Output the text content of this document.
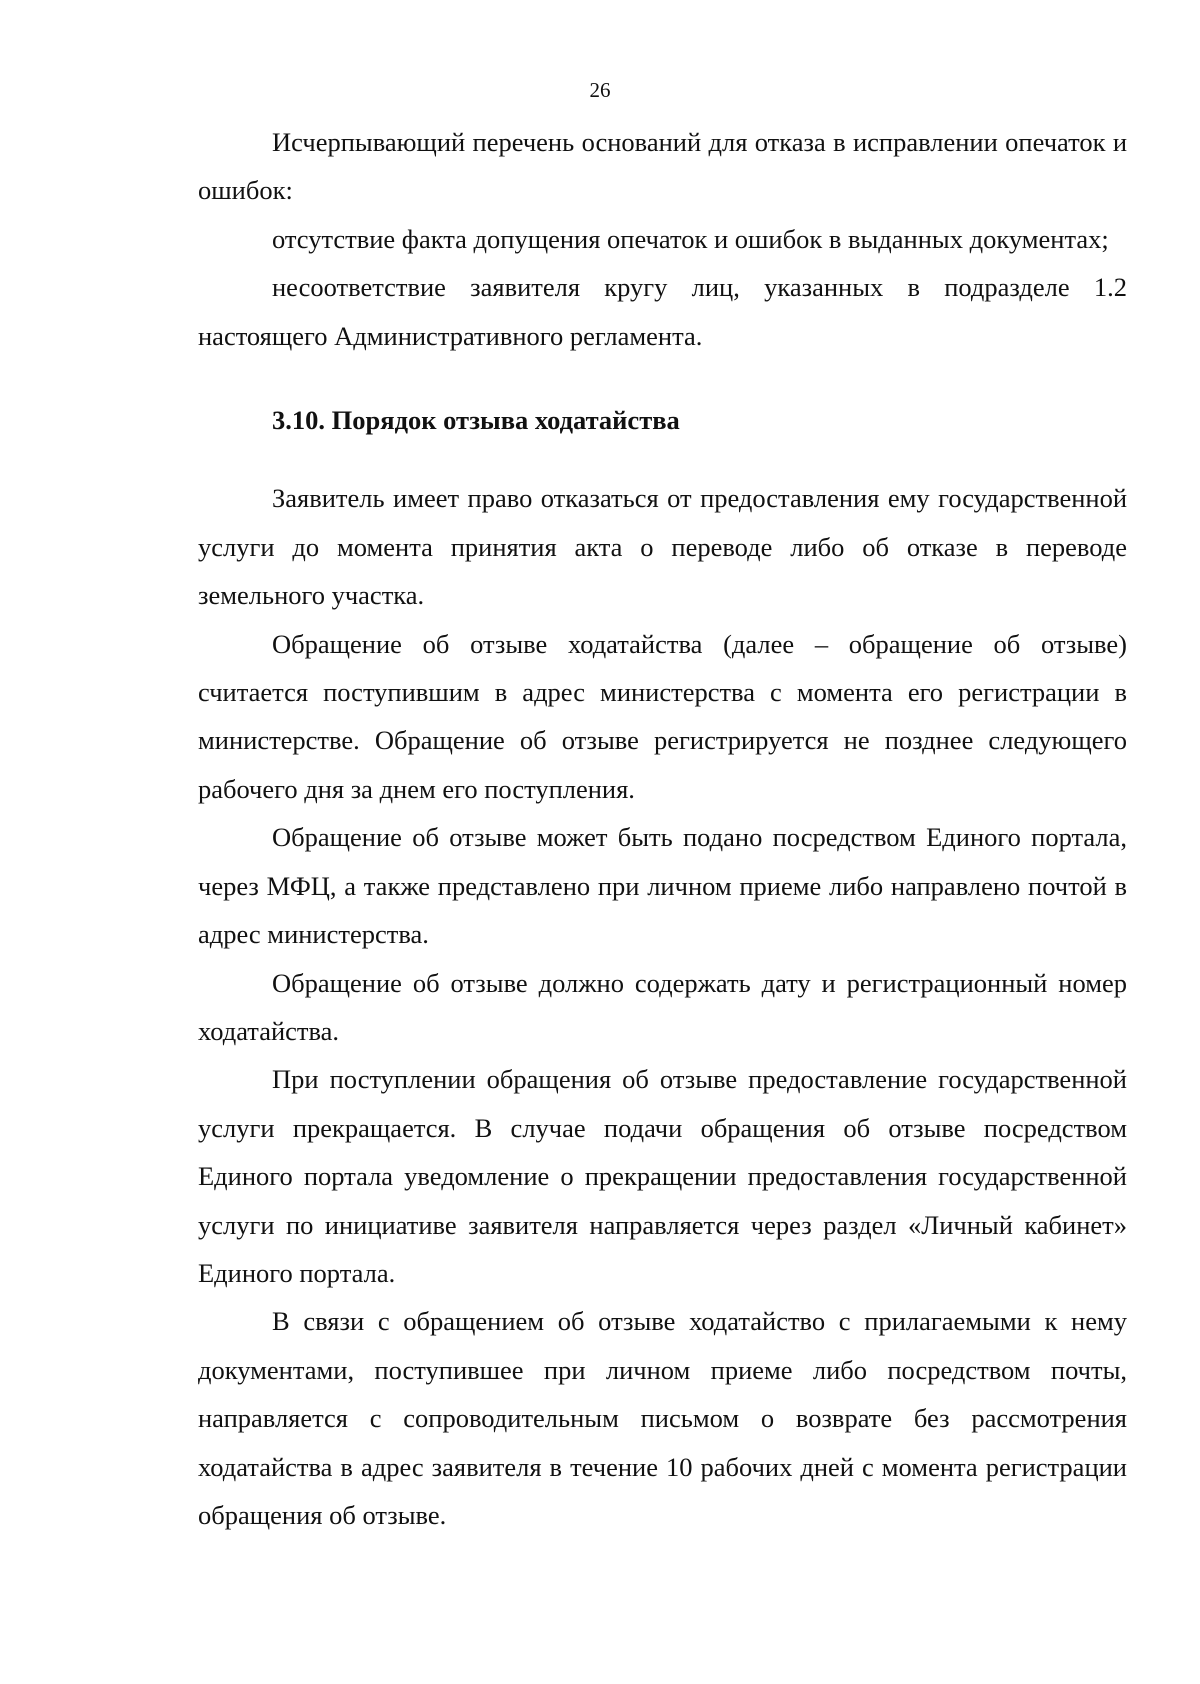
26

Исчерпывающий перечень оснований для отказа в исправлении опечаток и ошибок:

отсутствие факта допущения опечаток и ошибок в выданных документах;

несоответствие заявителя кругу лиц, указанных в подразделе 1.2 настоящего Административного регламента.

3.10. Порядок отзыва ходатайства

Заявитель имеет право отказаться от предоставления ему государственной услуги до момента принятия акта о переводе либо об отказе в переводе земельного участка.

Обращение об отзыве ходатайства (далее – обращение об отзыве) считается поступившим в адрес министерства с момента его регистрации в министерстве. Обращение об отзыве регистрируется не позднее следующего рабочего дня за днем его поступления.

Обращение об отзыве может быть подано посредством Единого портала, через МФЦ, а также представлено при личном приеме либо направлено почтой в адрес министерства.

Обращение об отзыве должно содержать дату и регистрационный номер ходатайства.

При поступлении обращения об отзыве предоставление государственной услуги прекращается. В случае подачи обращения об отзыве посредством Единого портала уведомление о прекращении предоставления государственной услуги по инициативе заявителя направляется через раздел «Личный кабинет» Единого портала.

В связи с обращением об отзыве ходатайство с прилагаемыми к нему документами, поступившее при личном приеме либо посредством почты, направляется с сопроводительным письмом о возврате без рассмотрения ходатайства в адрес заявителя в течение 10 рабочих дней с момента регистрации обращения об отзыве.
